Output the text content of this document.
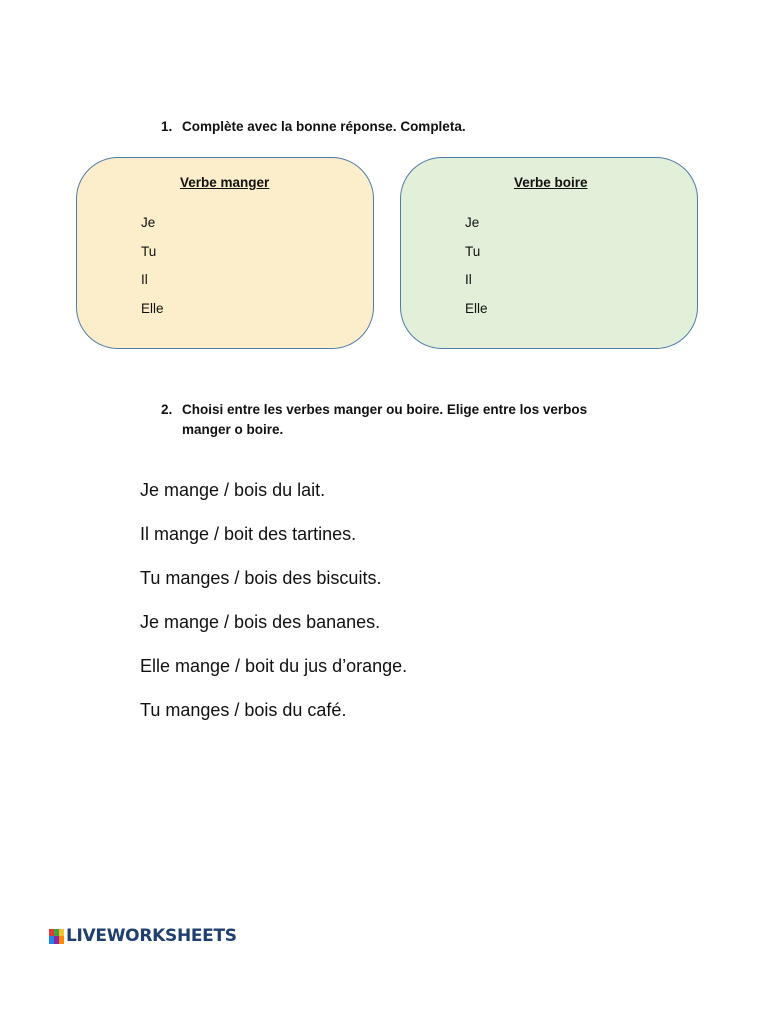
1. Complète avec la bonne réponse. Completa.

Verbe manger

Je
Tu
Il
Elle

Verbe boire

Je
Tu
Il
Elle

2. Choisi entre les verbes manger ou boire. Elige entre los verbos
manger o boire.

Je mange / bois du lait.
Il mange / boit des tartines.
Tu manges / bois des biscuits.
Je mange / bois des bananes.
Elle mange / boit du jus d’orange.
Tu manges / bois du café.
LIVEWORKSHEETS
